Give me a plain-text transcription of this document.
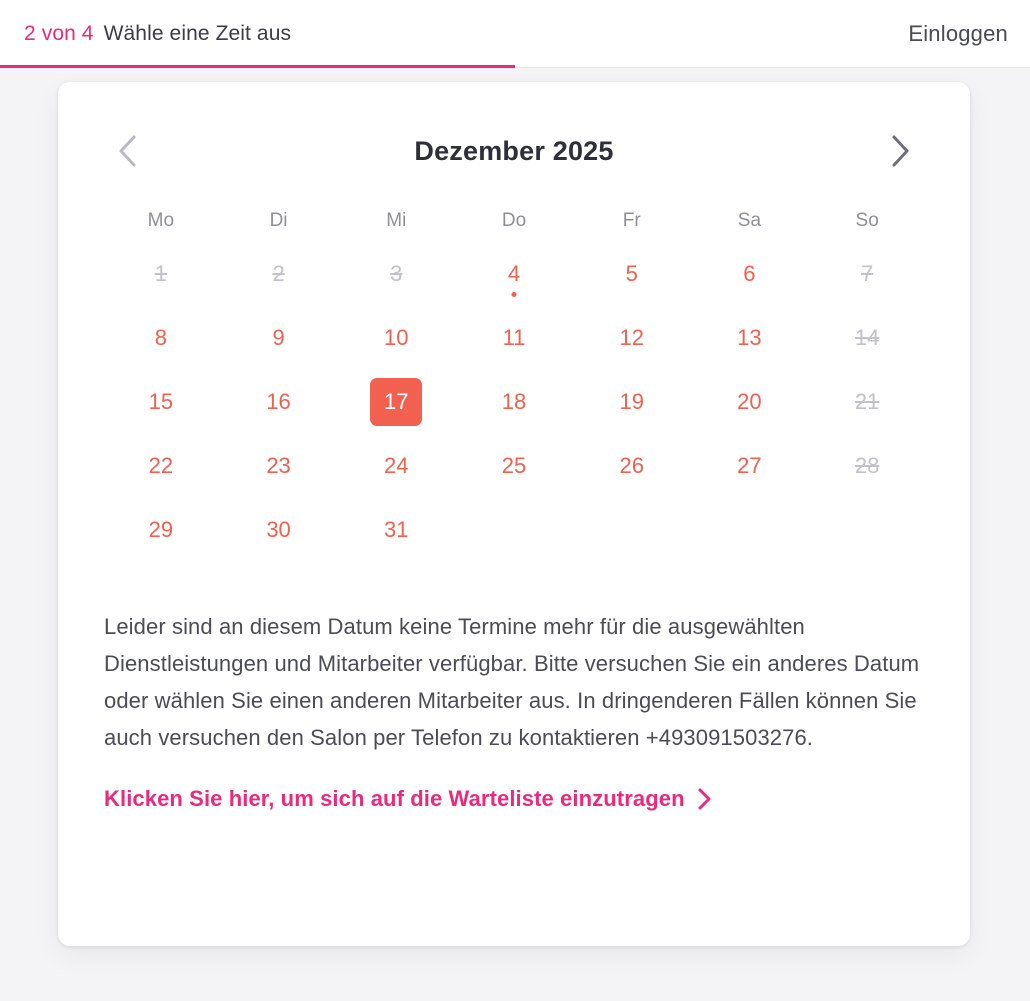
2 von 4 Wähle eine Zeit aus	Einloggen
Dezember 2025
Mo	Di	Mi	Do	Fr	Sa	So
1	2	3	4	5	6	7
8	9	10	11	12	13	14
15	16	17	18	19	20	21
22	23	24	25	26	27	28
29	30	31
Leider sind an diesem Datum keine Termine mehr für die ausgewählten Dienstleistungen und Mitarbeiter verfügbar. Bitte versuchen Sie ein anderes Datum oder wählen Sie einen anderen Mitarbeiter aus. In dringenderen Fällen können Sie auch versuchen den Salon per Telefon zu kontaktieren +493091503276.
Klicken Sie hier, um sich auf die Warteliste einzutragen
